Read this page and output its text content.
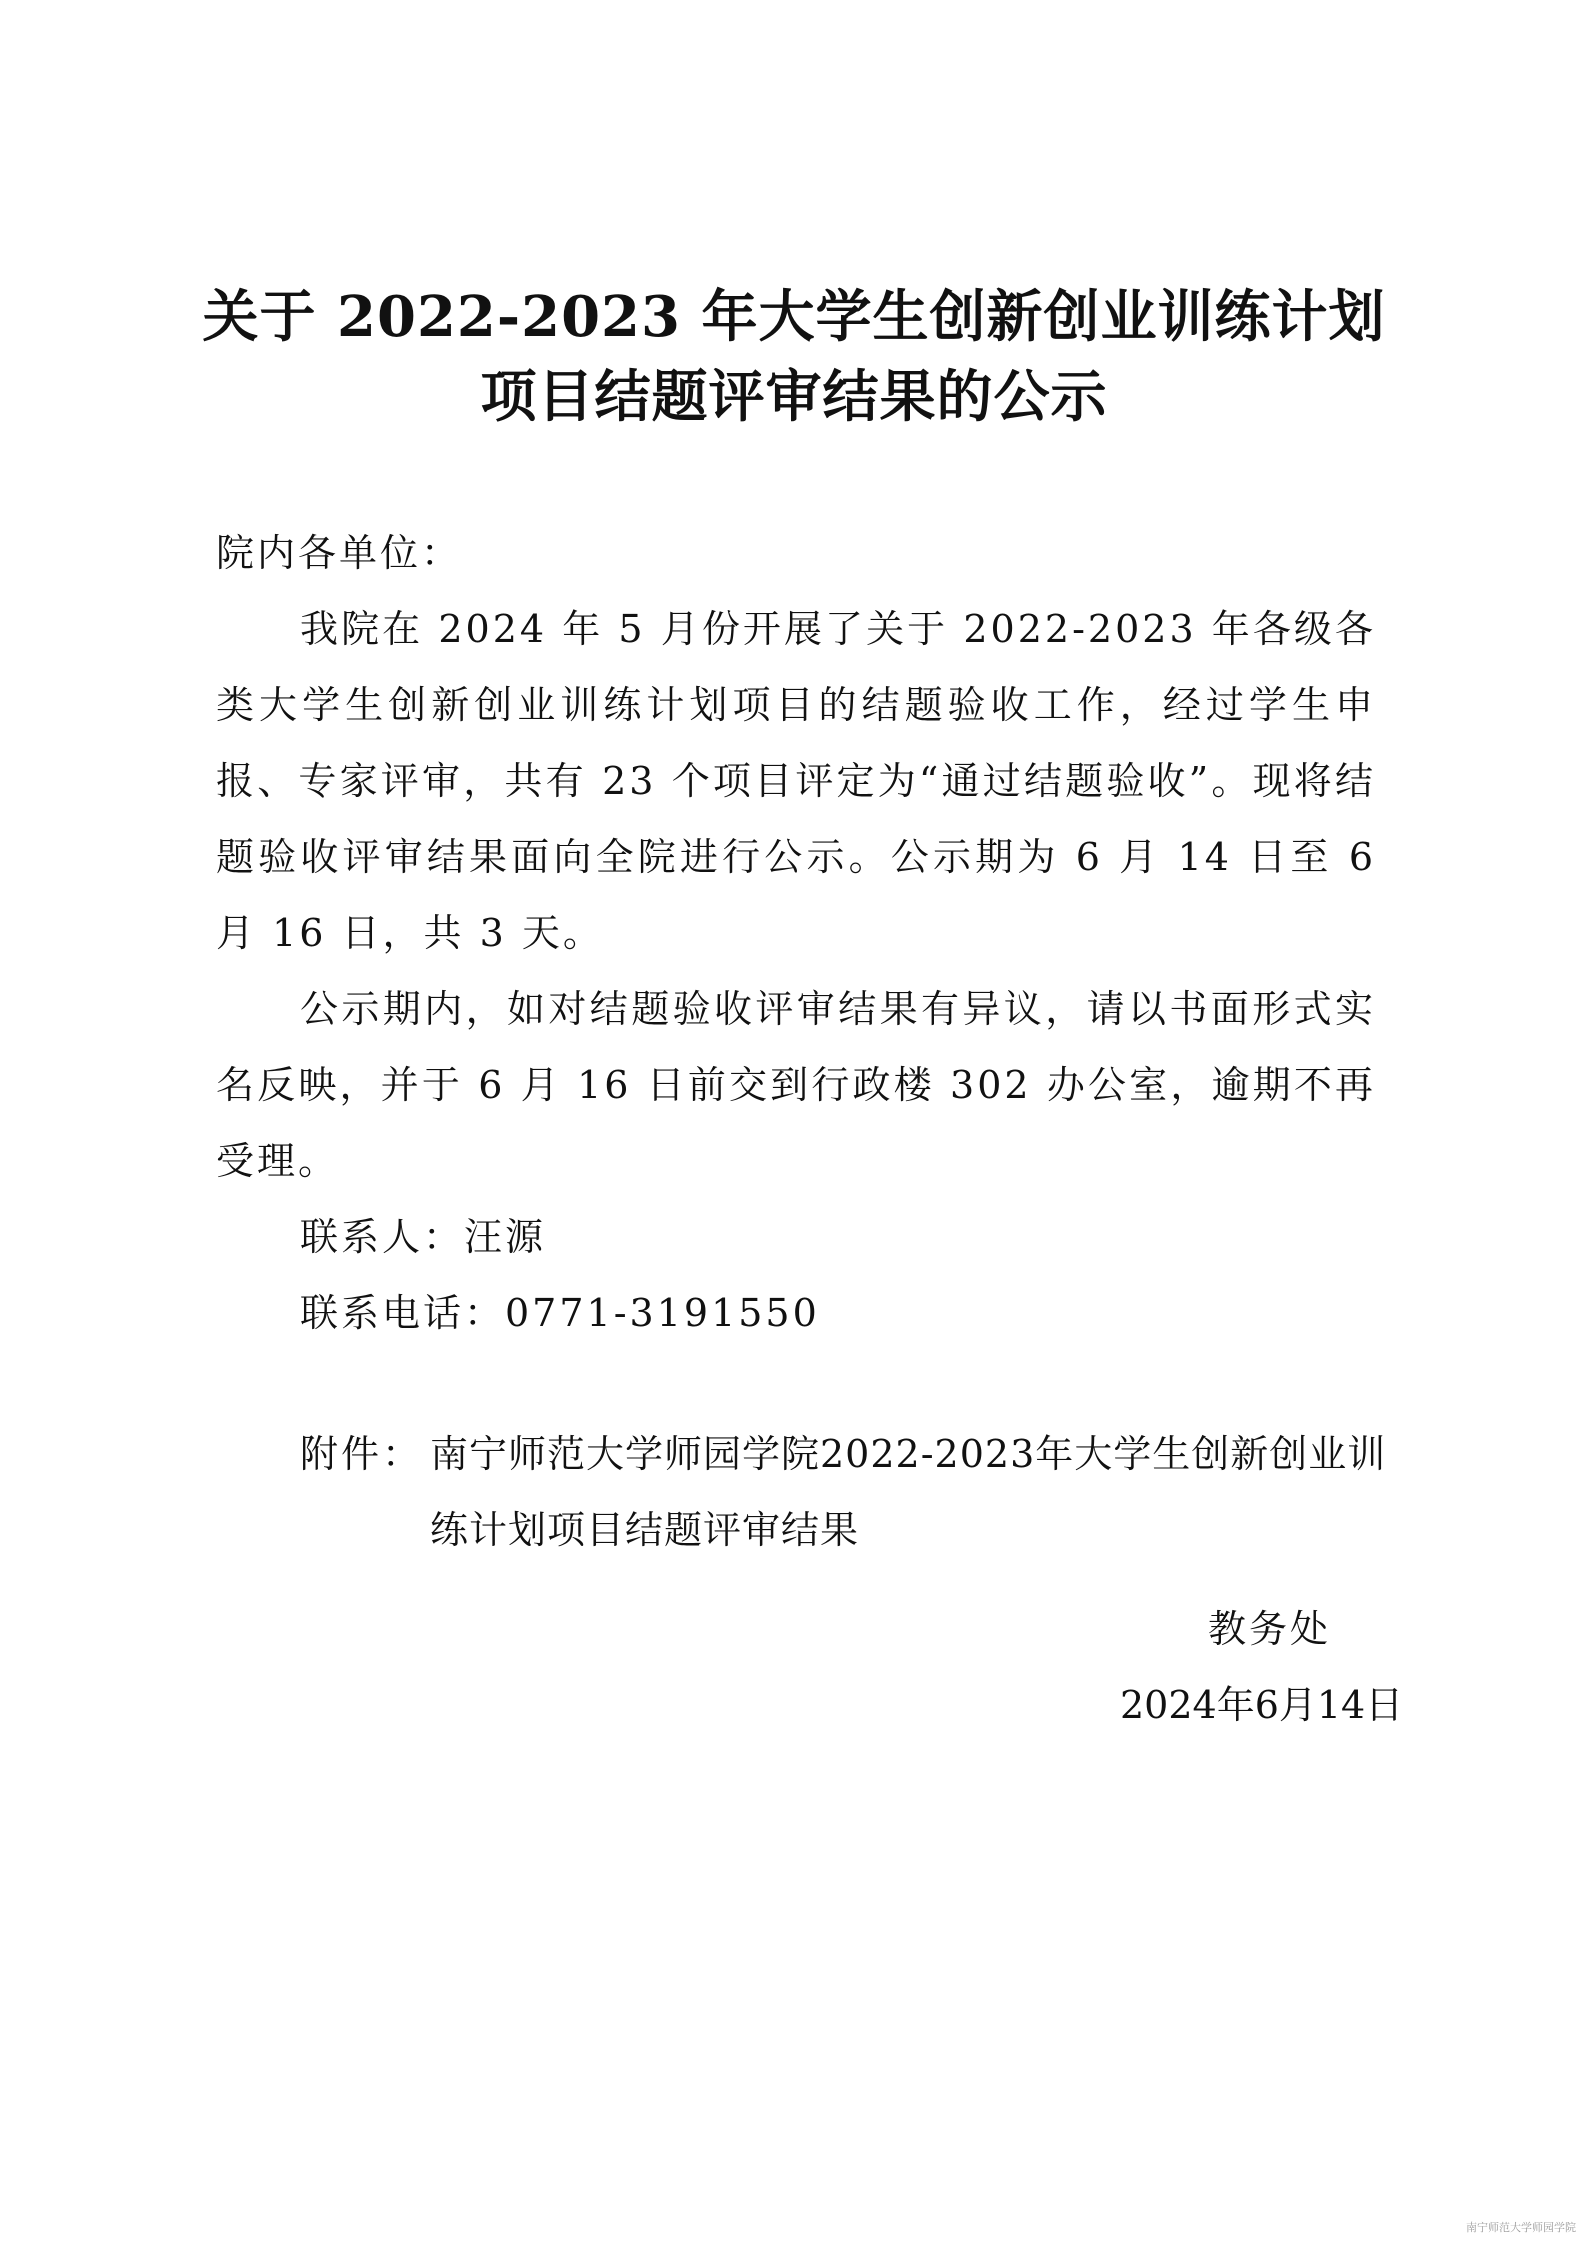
关于 2022-2023 年大学生创新创业训练计划
项目结题评审结果的公示
院内各单位：
我院在 2024 年 5 月份开展了关于 2022-2023 年各级各类大学生创新创业训练计划项目的结题验收工作，经过学生申报、专家评审，共有 23 个项目评定为“通过结题验收”。现将结题验收评审结果面向全院进行公示。公示期为 6 月 14 日至 6 月 16 日，共 3 天。
公示期内，如对结题验收评审结果有异议，请以书面形式实名反映，并于 6 月 16 日前交到行政楼 302 办公室，逾期不再受理。
联系人：汪源
联系电话：0771-3191550
附件： 南宁师范大学师园学院2022-2023年大学生创新创业训练计划项目结题评审结果
教务处
2024年6月14日
南宁师范大学师园学院
